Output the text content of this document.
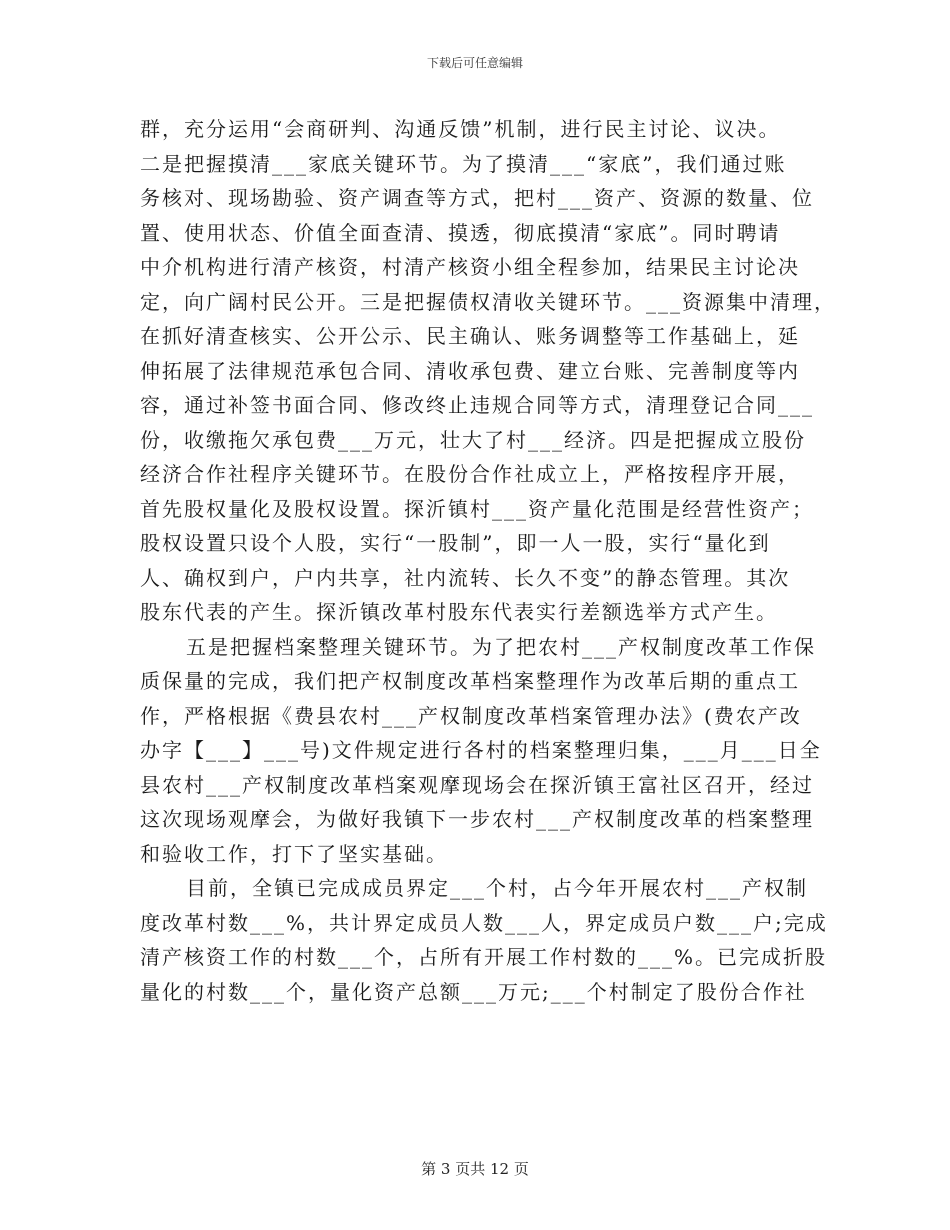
下载后可任意编辑
群，充分运用“会商研判、沟通反馈”机制，进行民主讨论、议决。
二是把握摸清___家底关键环节。为了摸清___“家底”，我们通过账
务核对、现场勘验、资产调查等方式，把村___资产、资源的数量、位
置、使用状态、价值全面查清、摸透，彻底摸清“家底”。同时聘请
中介机构进行清产核资，村清产核资小组全程参加，结果民主讨论决
定，向广阔村民公开。三是把握债权清收关键环节。___资源集中清理，
在抓好清查核实、公开公示、民主确认、账务调整等工作基础上，延
伸拓展了法律规范承包合同、清收承包费、建立台账、完善制度等内
容，通过补签书面合同、修改终止违规合同等方式，清理登记合同___
份，收缴拖欠承包费___万元，壮大了村___经济。四是把握成立股份
经济合作社程序关键环节。在股份合作社成立上，严格按程序开展，
首先股权量化及股权设置。探沂镇村___资产量化范围是经营性资产；
股权设置只设个人股，实行“一股制”，即一人一股，实行“量化到
人、确权到户，户内共享，社内流转、长久不变”的静态管理。其次
股东代表的产生。探沂镇改革村股东代表实行差额选举方式产生。
五是把握档案整理关键环节。为了把农村___产权制度改革工作保
质保量的完成，我们把产权制度改革档案整理作为改革后期的重点工
作，严格根据《费县农村___产权制度改革档案管理办法》(费农产改
办字【___】___号)文件规定进行各村的档案整理归集，___月___日全
县农村___产权制度改革档案观摩现场会在探沂镇王富社区召开，经过
这次现场观摩会，为做好我镇下一步农村___产权制度改革的档案整理
和验收工作，打下了坚实基础。
目前，全镇已完成成员界定___个村，占今年开展农村___产权制
度改革村数___%，共计界定成员人数___人，界定成员户数___户;完成
清产核资工作的村数___个，占所有开展工作村数的___%。已完成折股
量化的村数___个，量化资产总额___万元;___个村制定了股份合作社
第 3 页共 12 页
